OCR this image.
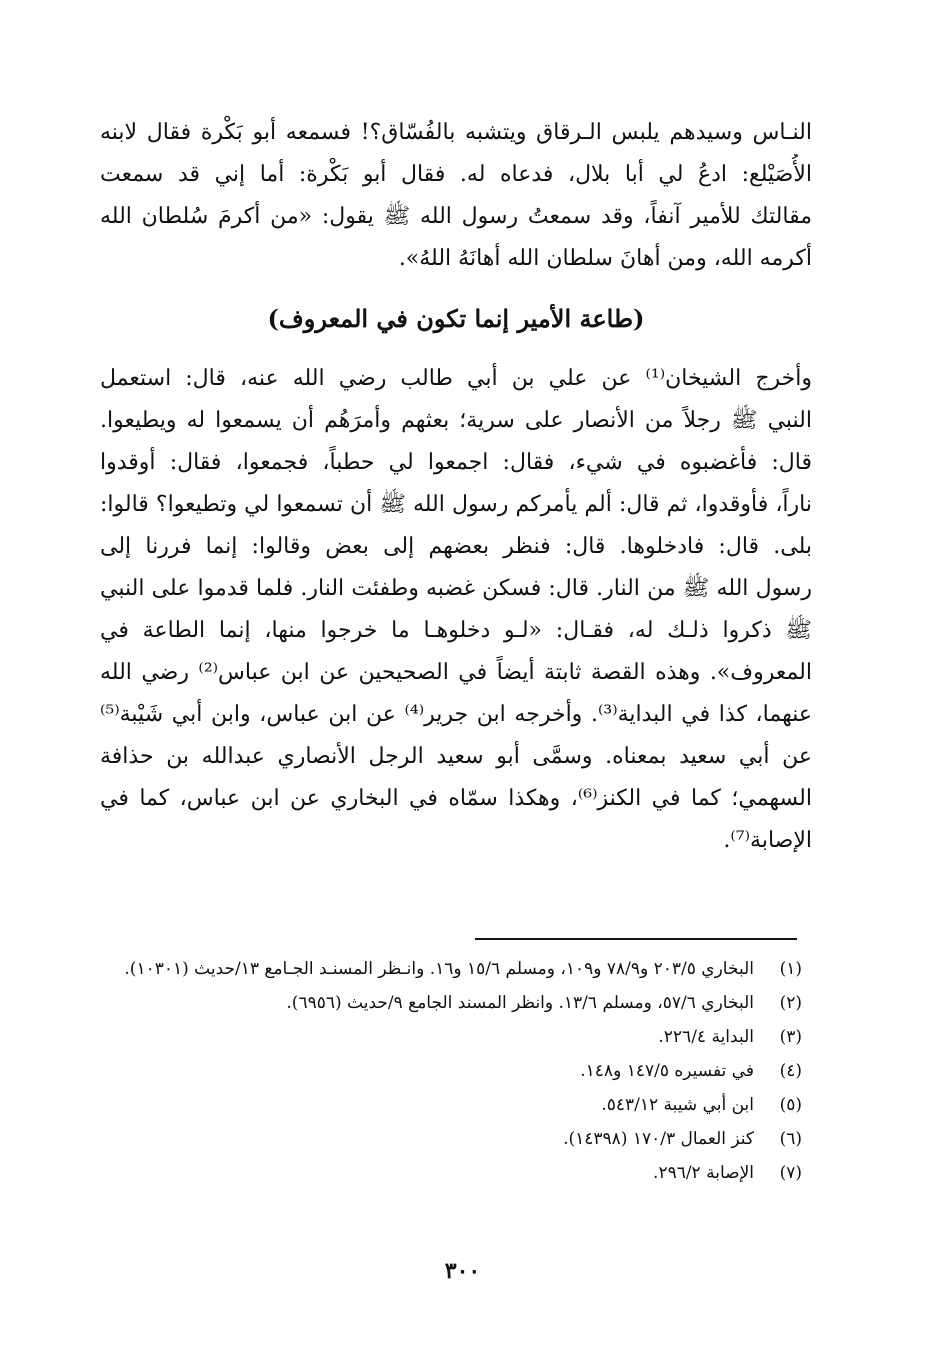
النـاس وسيدهم يلبس الـرقاق ويتشبه بالفُسّاق؟! فسمعه أبو بَكْرة فقال لابنه
الأُصَيْلع: ادعُ لي أبا بلال، فدعاه له. فقال أبو بَكْرة: أما إني قد سمعت
مقالتك للأمير آنفاً، وقد سمعتُ رسول الله ﷺ يقول: «من أكرمَ سُلطان الله
أكرمه الله، ومن أهانَ سلطان الله أهانَهُ اللهُ».
(طاعة الأمير إنما تكون في المعروف)
وأخرج الشيخان⁽¹⁾ عن علي بن أبي طالب رضي الله عنه، قال: استعمل
النبي ﷺ رجلاً من الأنصار على سرية؛ بعثهم وأمرَهُم أن يسمعوا له ويطيعوا.
قال: فأغضبوه في شيء، فقال: اجمعوا لي حطباً، فجمعوا، فقال: أوقدوا
ناراً، فأوقدوا، ثم قال: ألم يأمركم رسول الله ﷺ أن تسمعوا لي وتطيعوا؟ قالوا:
بلى. قال: فادخلوها. قال: فنظر بعضهم إلى بعض وقالوا: إنما فررنا إلى
رسول الله ﷺ من النار. قال: فسكن غضبه وطفئت النار. فلما قدموا على النبي
ﷺ ذكروا ذلـك له، فقـال: «لـو دخلوهـا ما خرجوا منها، إنما الطاعة في
المعروف». وهذه القصة ثابتة أيضاً في الصحيحين عن ابن عباس⁽²⁾ رضي الله
عنهما، كذا في البداية⁽³⁾. وأخرجه ابن جرير⁽⁴⁾ عن ابن عباس، وابن أبي شَيْبة⁽⁵⁾
عن أبي سعيد بمعناه. وسمَّى أبو سعيد الرجل الأنصاري عبدالله بن حذافة
السهمي؛ كما في الكنز⁽⁶⁾، وهكذا سمّاه في البخاري عن ابن عباس، كما في
الإصابة⁽⁷⁾.
(١)
البخاري ٢٠٣/٥ و٧٨/٩ و١٠٩، ومسلم ١٥/٦ و١٦. وانـظر المسنـد الجـامع ١٣/حديث (١٠٣٠١).
(٢)
البخاري ٥٧/٦، ومسلم ١٣/٦. وانظر المسند الجامع ٩/حديث (٦٩٥٦).
(٣)
البداية ٢٢٦/٤.
(٤)
في تفسيره ١٤٧/٥ و١٤٨.
(٥)
ابن أبي شيبة ٥٤٣/١٢.
(٦)
كنز العمال ١٧٠/٣ (١٤٣٩٨).
(٧)
الإصابة ٢٩٦/٢.
٣٠٠
